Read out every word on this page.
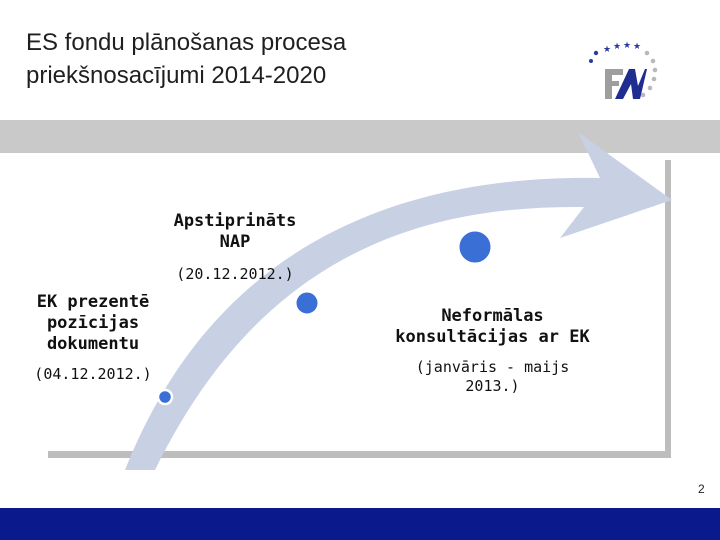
ES fondu plānošanas procesa
priekšnosacījumi 2014-2020
★ ★ ★ ★
EK prezentē
pozīcijas
dokumentu
(04.12.2012.)
Apstiprināts
NAP
(20.12.2012.)
Neformālas
konsultācijas ar EK
(janvāris - maijs
2013.)
2
